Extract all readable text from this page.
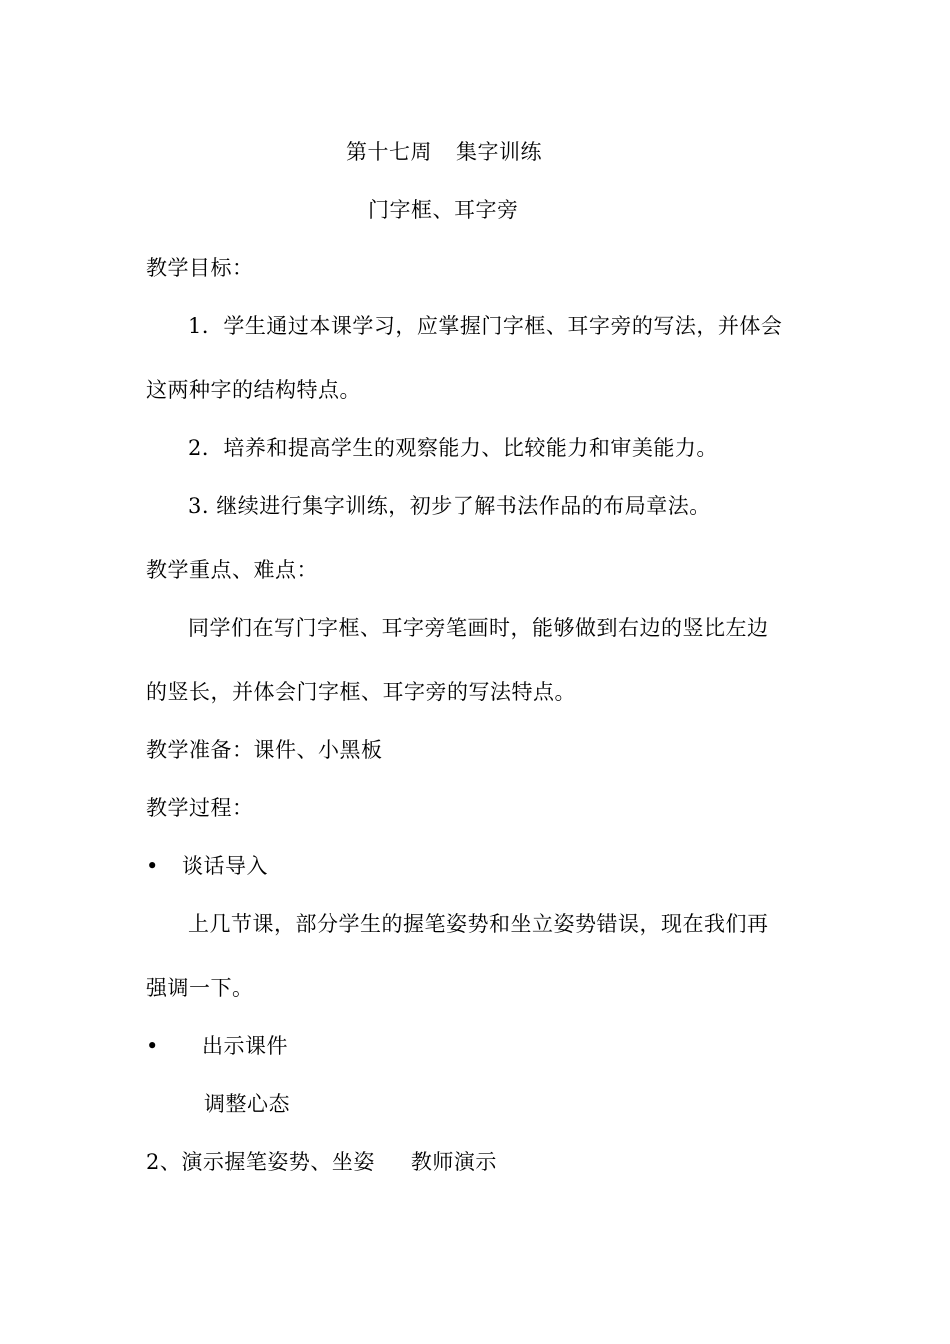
第十七周 集字训练
门字框、耳字旁
教学目标：
1．学生通过本课学习，应掌握门字框、耳字旁的写法，并体会
这两种字的结构特点。
2．培养和提高学生的观察能力、比较能力和审美能力。
3. 继续进行集字训练，初步了解书法作品的布局章法。
教学重点、难点：
同学们在写门字框、耳字旁笔画时，能够做到右边的竖比左边
的竖长，并体会门字框、耳字旁的写法特点。
教学准备：课件、小黑板
教学过程：
• 谈话导入
上几节课，部分学生的握笔姿势和坐立姿势错误，现在我们再
强调一下。
• 出示课件
调整心态
2、演示握笔姿势、坐姿 教师演示
